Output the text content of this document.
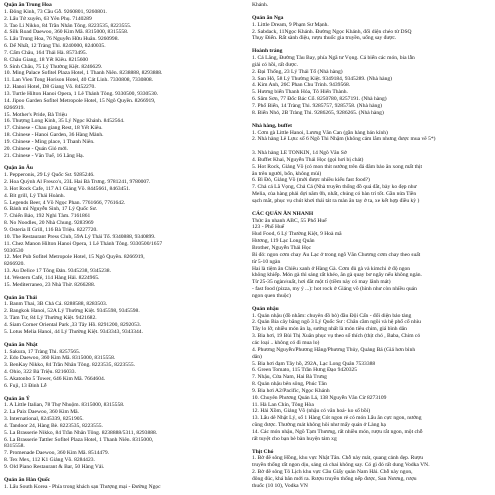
Quận ăn Trung Hoa
1. Đông Kinh, 73 Cầu Gỗ. 9260801, 9260801.
2. Lẩu Tứ xuyên, 63 Yên Phụ. 7140289
3. Tao Li Nikko, 84 Trần Nhân Tông. 8223535, 8223555.
4. Silk Road Daewoo, 360 Kim Mã. 8315000, 8315558.
5. Lẩu Trung Hoa, 76 Nguyễn Hữu Huân. 9260998.
6. Dế Nhất, 12 Tràng Thi. 8240000, 8240035.
7. Cẩm Châu, 164 Thái Hà. 8573495.
8. Châu Giang, 18 Yết Kiêu. 8215600
9. Sinh Châu, 75 Lý Thường Kiệt. 8246629.
10. Ming Palace Sofitel Plaza Hotel, 1 Thanh Niên. 8238888, 8293888.
11. Lan Vien Tong Horison Hotel, 40 Cát Linh. 7330808, 7330808.
12. Hanoi Hotel, D8 Giang Võ. 8452270.
13. Turtle Hilton Hanoi Opera, 1 Lê Thánh Tông. 9330500, 9330530.
14. Jipoo Garden Sofitel Metropole Hotel, 15 Ngô Quyền. 8266919,
8266919.
15. Mother's Pride, Bà Triệu
16. Thượng Long Kinh, 35 Lý Ngọc Khánh. 8452564.
17. Chinese - Chau giang Rest, 18 Yết Kiêu.
18. Chinese - Hanoi Garden, 36 Hàng Mành.
19. Chinese - Ming place, 1 Thanh Niên.
20. Chinese - Quán Gió mới.
21. Chinese - Văn Tuế, 16 Lãng Hạ.
Quận ăn Âu
1. Pepperonis, 29 Lý Quốc Sư. 9285246.
2. Hoa Quỳnh Al Fresco's, 23L Hai Bà Trưng. 9781241, 9780007.
3. Hot Rock Cafe, 117 A1 Giảng Võ. 8445661, 8463451.
4. Bit grill, Lý Thái Hoành.
5. Legends Beer, 4 Võ Ngọc Phan. 7761666, 7761642.
6. Bánh mì Nguyễn Sinh, 17 Lý Quốc Sư.
7. Chiến Bảo, 192 Nghi Tàm. 7161861
8. No Noodles, 20 Nhà Chung. 9283969
9. Osteria II Grill, 116 Bà Triệu. 8227720.
10. The Restaurant Press Club, 59A Lý Thái Tổ. 9340888, 9340899.
11. Chez Manon Hilton Hanoi Opera, 1 Lê Thánh Tông. 9330500/1657
9330530
12. Met Pub Sofitel Metropole Hotel, 15 Ngô Quyền. 8266919,
8266920.
13. Au Delice 17 Tông Đản. 9345238, 9345238.
14. Western Café, 114 Hàng Hải. 8224965.
15. Mediterraneo, 23 Nhà Thờ. 8266288.
Quán ăn Thái
1. Banm Thai, 3B Chả Cá. 8288588, 8283503.
2. Bangkok Hanoi, 52A Lý Thường Kiệt. 9345598, 9345598.
3. Tàm Tư, 84 Lý Thường Kiệt. 9421682.
4. Siam Corner Oriental Park ,33 Tây Hồ. 8291200, 8292053.
5. Lotus Melia Hanoi, 44 Lý Thường Kiệt. 9343343, 9343344.
Quán ăn Nhật
1. Sakura, 17 Tràng Thi. 8257565.
2. Edo Daewoo, 360 Kim Mã. 8315000, 8315558.
3. BenKay Nikko, 84 Trần Nhân Tông. 8223535, 8223555.
4. Ohio, 322 Bà Triệu. 8216033.
5. Akatonbo 5 Tower, 646 Kim Mã. 7664604.
6. Fuji, 13 Đinh Lễ
Quán ăn Ý
1. A Little Italian, 78 Thợ Nhuộm. 8315000, 8315558.
2. La Paix Daewoo, 360 Kim Mã.
3. International, 8245339, 8251905.
4. Tandoor 24, Hàng Bè. 8223535, 8223555.
5. La Brasserie Nikko, 84 Trần Nhân Tông. 8238888/5311, 8293888.
6. La Brasserie Tattler Sofitel Plaza Hotel, 1 Thanh Niên. 8315000,
8315558.
7. Promenade Daewoo, 360 Kim Mã. 8514479.
8. Tex Mex, 112 K1 Giảng Võ. 8284423.
9. Old Piano Restaurant & Bar, 50 Hàng Vải.
Quán ăn Hàn Quốc
1. Lẩu South Korea - Phía trong khách sạn Thượng mại - Đường Ngọc
Khánh.
Quán ăn Nga
1. Little Dream, 9 Phạm Sư Mạnh.
2. Sabdack, 11Ngọc Khánh. Đường Ngọc Khánh, đối diện chéo từ DSQ
Thụy Điển. Rất sành điệu, rượu thuốc gia truyền, uống say được.
Hoành tráng
1. Cá Lăng, Đường Tàu Bay, phía Ngã tư Vọng. Cá biển các món, bia lẫn
giải có hồi, rất được.
2. Đại Thống, 23 Lý Thái Tổ (Nhà hàng)
3. San Hô, 58 Lý Thường Kiệt. 9349184, 9345289. (Nhà hàng)
4. Kim Anh, 26C Phan Chu Trinh. 9439568.
5. Hương biển Thanh Hóa, Tô Hiến Thành.
6. Sâm Sơn, 77 Đốc Bác Cổ. 8250780, 8257191. (Nhà hàng)
7. Phố Biển, 14 Tràng Thi. 9285757, 9285758. (Nhà hàng)
8. Biển Nhỏ, 2B Tràng Thi. 9286265, 9286265. (Nhà hàng)
Nhà hàng, buffet
1. Cơm gà Little Hanoi, Lương Văn Can (gần hàng bán kính)
2. Nhà hàng Lê Lựu: số 6 Ngõ Thi Nhậm (không cảm lắm nhưng được mua vẽ 5*)

3. Nhà hàng LE TONKIN, 14 Ngô Văn Sở
4. Buffet Khai, Nguyễn Thái Học (gọi hơi bị chát)
5. Hot Rock, Giảng Võ (có mon thit nướng trên đá đâm bảo ăn xong mất thịt
ăn trên người, bốn, không mùi)
6. Bì Đỏ, Giảng Võ (mới được nhiều kiểu fast food?)
7. Chả cá Lã Vọng, Chả Cá (Nhà truyền thống đồ quá đắt, bày ko đẹp như
Melia, của hàng phải đợi năm 0h, nhất, chúng có bàn trí tốt. Gần nửa Tiền
sạch mắt, phục vụ chút khơi thái tát ra màn ăn tay ở ta, xe kết hợp điều kỳ )
CÁC QUÁN ĂN NHANH
Thức ăn nhanh ABC, 55 Phố Huế
123 - Phố Huế
Hud Food, 6 Lý Thường Kiệt, 9 Hoà mã
Hương, 119 Lạc Long Quân
Brother, Nguyễn Thái Học
Bì đỏ: ngon cơm chay Âu Lạc ở trong ngõ Văn Chương cơm chay theo suất
từ 5-10 ngàn
Hai là tiệm ăn Chiêu xanh ở Hàng Gà. Cơm đủ gà và kimchi ở độ ngon
không khiếp. Món gà thì sáng rất khéo, ăn gà quay bơ ngây nếu không ngán.
Từ 25-35 ngàn/suất, hơi đắt một tí (tiềm này có may lãnh mát)
- fast food (pizza, my ý ...): hot rock ở Giảng võ (hình như còn nhiều quán
ngon quen thuộc)
Quán nhậu
1. Quán nhậu (đồ nhắm: chuyên đồ bò) đầu Đội Cấn - đối diện bảo tàng
2. Quán Bia cây bằng ngõ 3 Lý Quốc Sư : Chân cầm ngõi và hệ phố cổ nhìu
Tây lo lỡ, nhiều món ăn lạ, sướng nhất là món tiêu chim, giá bình dân
3. Bia hơi, 19 Bùi Thị Xuân phục vụ theo số thích (thịt chó , Baba, Chim cỏ
các loại .. không có đi mua lo)
4. Phương Nguyễn/Phương Hằng/Phương Thủy, Quảng Bá (Giá hơn bình
dân)
5. Bia hơi đạm Tây hồ, 292A, Lạc Long Quân 7533388
6. Green Tomato, 115 Trần Hưng Đạo 9420325
7. Nhậu, Cửa Nam, Hai Bà Trưng
8. Quán nhậu bên sông, Phúc Tân
9. Bia hơi A2/Pacific, Ngọc Khánh
10. Chuyên Phương Quán Lá, 138 Nguyễn Văn Cừ 8273109
11. Hà Lan Chín, Tông Hòa
12. Hải Xồm, Giảng Võ (nhậu có văn hoá- ko số bồi)
13. Lẩu dê Nhật Lý, số 1 Hàng Cót ngon rẻ có món Lẩu ăn cực ngon, nướng
cũng được. Thường mát không hôi như mấy quán ở Làng hạ
14. Các món nhậu, Ngõ Tạm Thương, rất nhiều món, rượu rắt ngon, một chỗ
rất tuyệt cho bạn bè bàn huyện tám xg
Thịt Chó
1. Bờ đê sông Hồng, khu vực Nhật Tân. Chỗ này mát, quang cảnh đẹp. Rượu
truyền thống rất ngon dịu, sáng cả chai không say. Có gì đó rất dung Vodka VN.
2. Bờ đê sông Tô Lịch khu vực Cầu Giấy quán Nam Hải. Chỗ này ngon,
đông đúc, khá bân mới ra. Rượu truyền thống nếp được, San Nương, rượu
thuốc (10 10), Vodka VN
